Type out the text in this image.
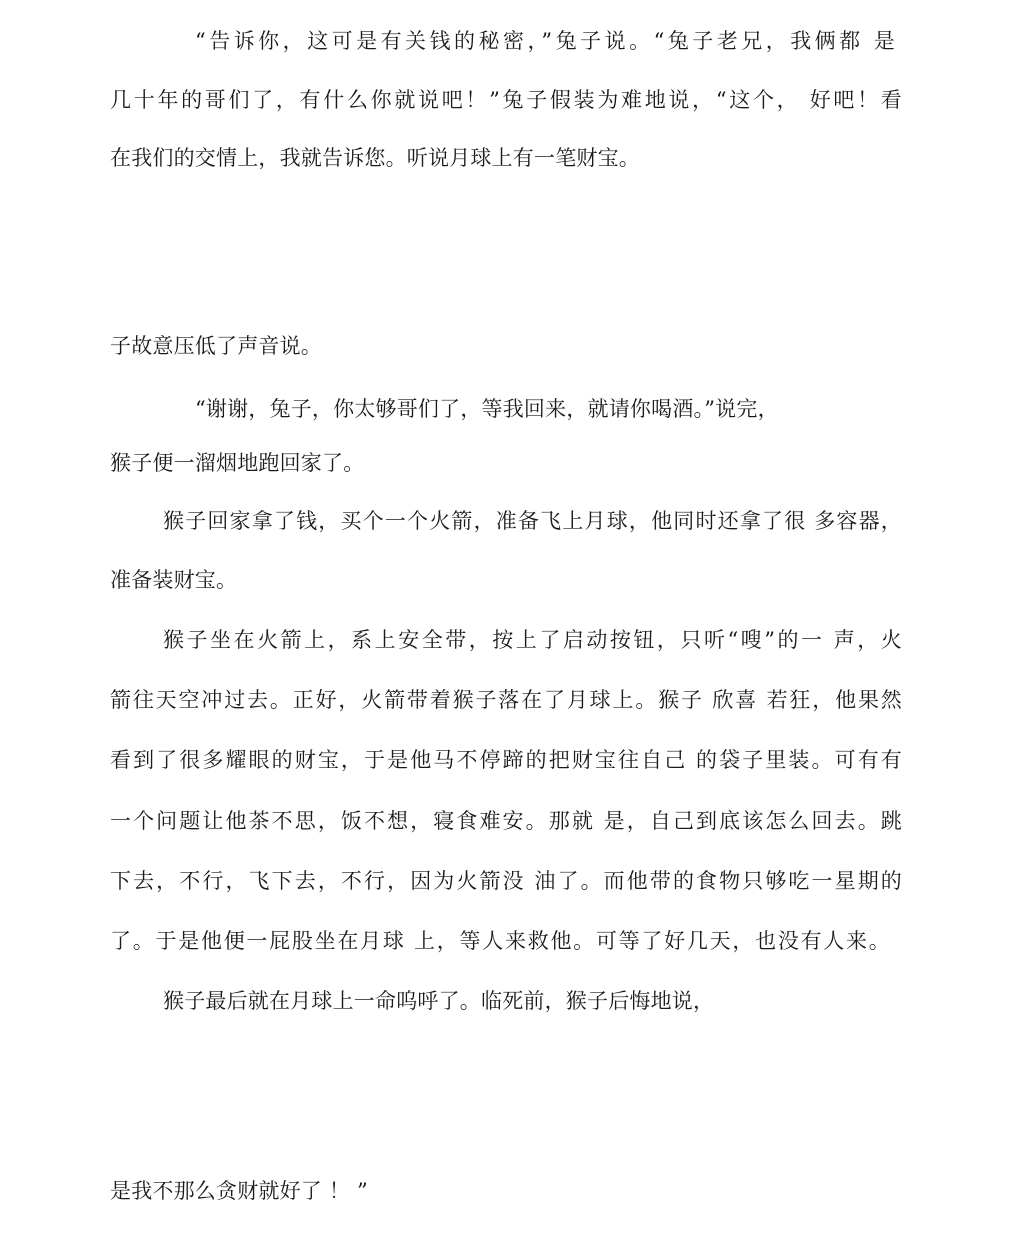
“告诉你，这可是有关钱的秘密，”兔子说。“兔子老兄，我俩都 是
几十年的哥们了，有什么你就说吧！”兔子假装为难地说，“这个， 好吧！看
在我们的交情上，我就告诉您。听说月球上有一笔财宝。
子故意压低了声音说。
“谢谢，兔子，你太够哥们了，等我回来，就请你喝酒。”说完，
猴子便一溜烟地跑回家了。
猴子回家拿了钱，买个一个火箭，准备飞上月球，他同时还拿了很 多容器，
准备装财宝。
猴子坐在火箭上，系上安全带，按上了启动按钮，只听“嗖”的一 声，火
箭往天空冲过去。正好，火箭带着猴子落在了月球上。猴子 欣喜 若狂，他果然
看到了很多耀眼的财宝，于是他马不停蹄的把财宝往自己 的袋子里装。可有有
一个问题让他茶不思，饭不想，寝食难安。那就 是，自己到底该怎么回去。跳
下去，不行，飞下去，不行，因为火箭没 油了。而他带的食物只够吃一星期的
了。于是他便一屁股坐在月球 上，等人来救他。可等了好几天，也没有人来。
猴子最后就在月球上一命呜呼了。临死前，猴子后悔地说，
是我不那么贪财就好了 ！ ”
